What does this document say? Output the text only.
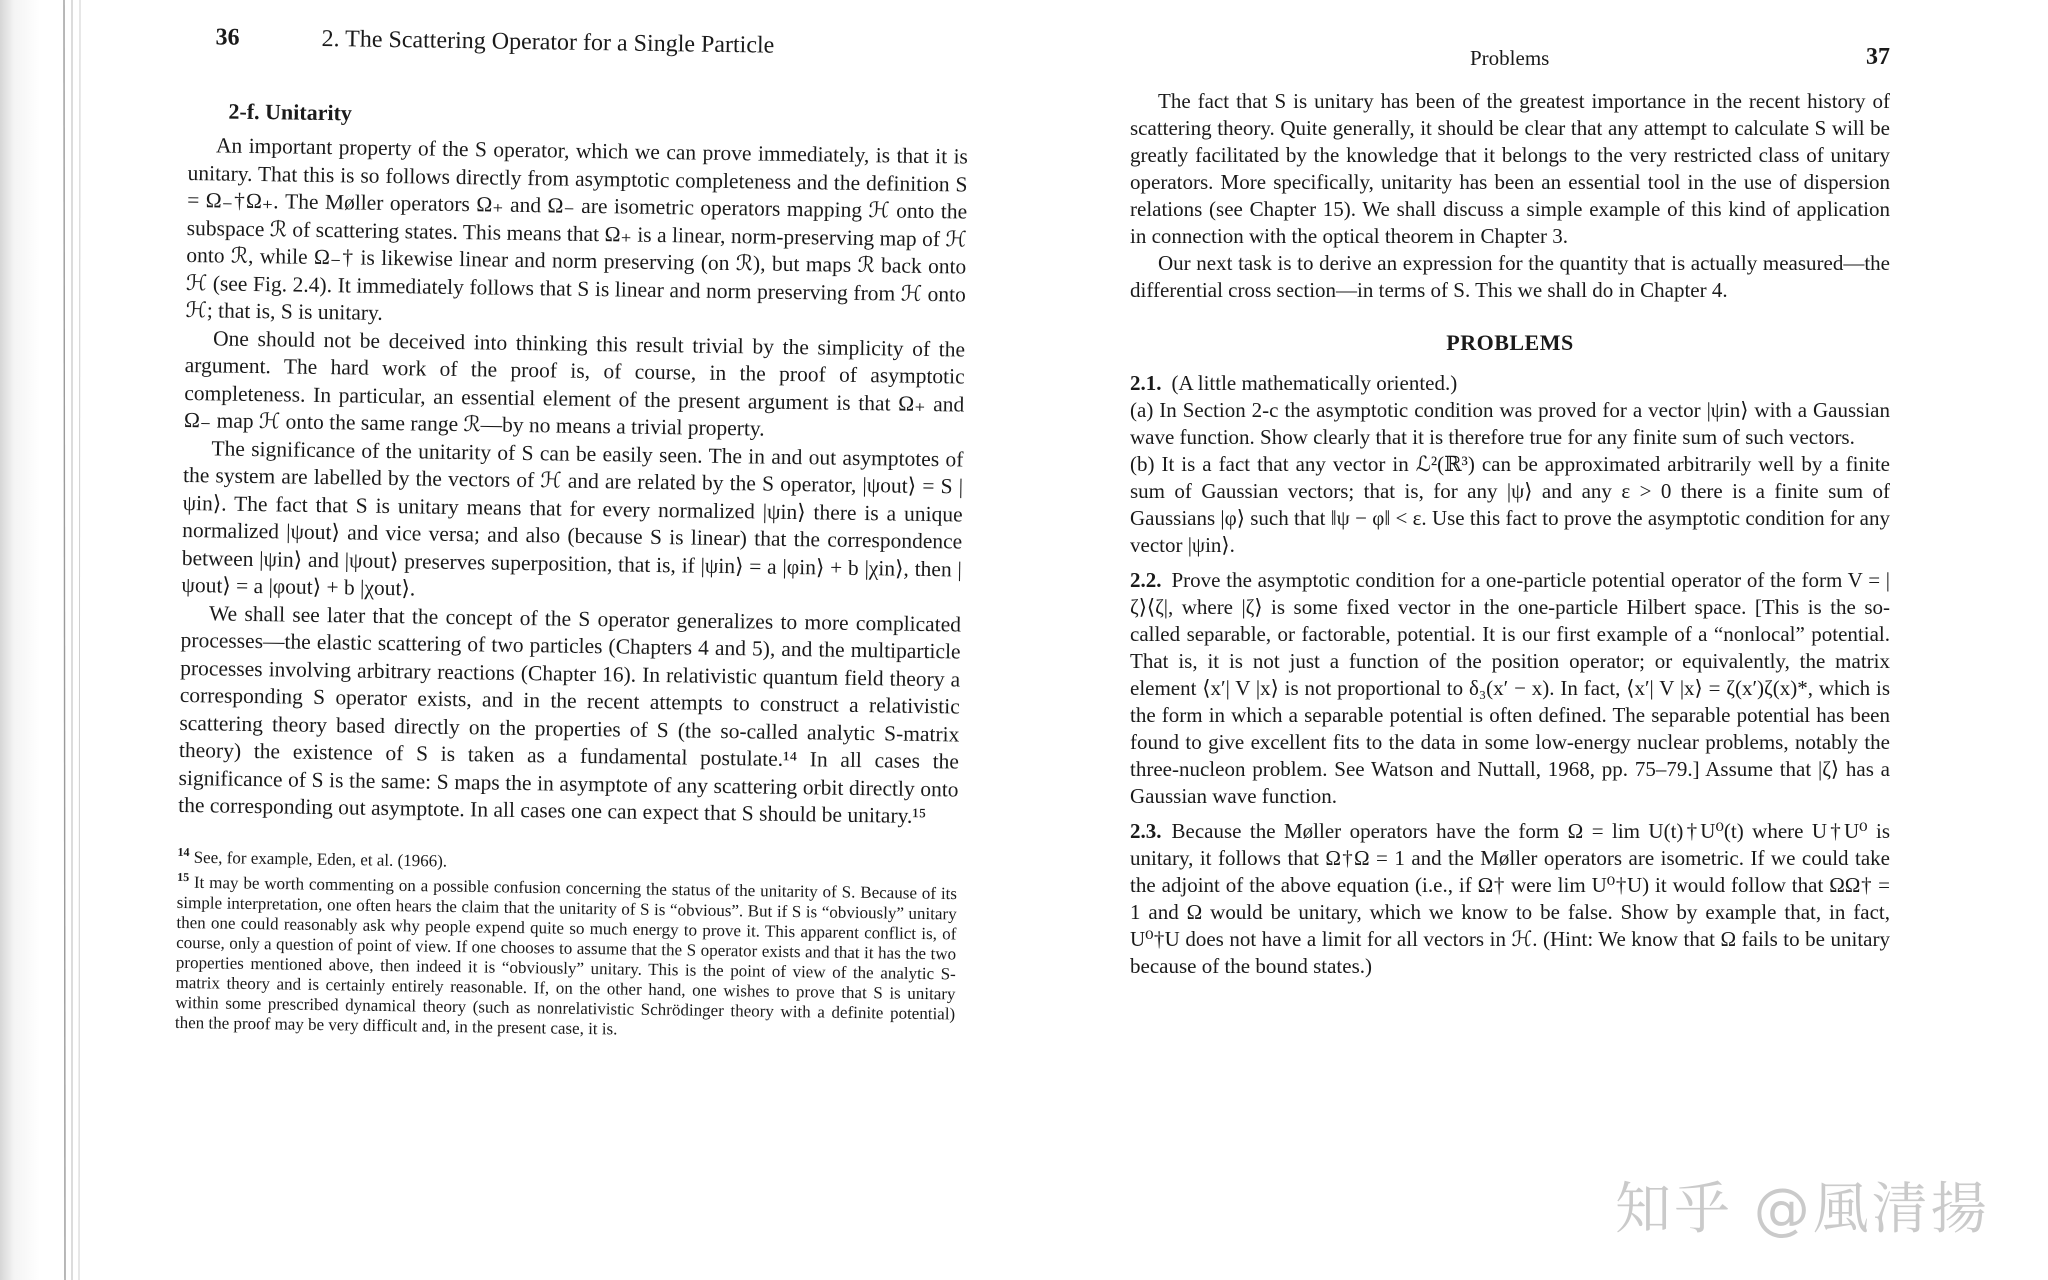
36	2. The Scattering Operator for a Single Particle
2-f. Unitarity

An important property of the S operator, which we can prove immediately, is that it is unitary. That this is so follows directly from asymptotic completeness and the definition S = Ω₋†Ω₊. The Møller operators Ω₊ and Ω₋ are isometric operators mapping ℋ onto the subspace ℛ of scattering states. This means that Ω₊ is a linear, norm-preserving map of ℋ onto ℛ, while Ω₋† is likewise linear and norm preserving (on ℛ), but maps ℛ back onto ℋ (see Fig. 2.4). It immediately follows that S is linear and norm preserving from ℋ onto ℋ; that is, S is unitary.

One should not be deceived into thinking this result trivial by the simplicity of the argument. The hard work of the proof is, of course, in the proof of asymptotic completeness. In particular, an essential element of the present argument is that Ω₊ and Ω₋ map ℋ onto the same range ℛ—by no means a trivial property.

The significance of the unitarity of S can be easily seen. The in and out asymptotes of the system are labelled by the vectors of ℋ and are related by the S operator, |ψout⟩ = S |ψin⟩. The fact that S is unitary means that for every normalized |ψin⟩ there is a unique normalized |ψout⟩ and vice versa; and also (because S is linear) that the correspondence between |ψin⟩ and |ψout⟩ preserves superposition, that is, if |ψin⟩ = a |φin⟩ + b |χin⟩, then |ψout⟩ = a |φout⟩ + b |χout⟩.

We shall see later that the concept of the S operator generalizes to more complicated processes—the elastic scattering of two particles (Chapters 4 and 5), and the multiparticle processes involving arbitrary reactions (Chapter 16). In relativistic quantum field theory a corresponding S operator exists, and in the recent attempts to construct a relativistic scattering theory based directly on the properties of S (the so-called analytic S-matrix theory) the existence of S is taken as a fundamental postulate.¹⁴ In all cases the significance of S is the same: S maps the in asymptote of any scattering orbit directly onto the corresponding out asymptote. In all cases one can expect that S should be unitary.¹⁵

$^{14}$ See, for example, Eden, et al. (1966).

$^{15}$ It may be worth commenting on a possible confusion concerning the status of the unitarity of S. Because of its simple interpretation, one often hears the claim that the unitarity of S is “obvious”. But if S is “obviously” unitary then one could reasonably ask why people expend quite so much energy to prove it. This apparent conflict is, of course, only a question of point of view. If one chooses to assume that the S operator exists and that it has the two properties mentioned above, then indeed it is “obviously” unitary. This is the point of view of the analytic S-matrix theory and is certainly entirely reasonable. If, on the other hand, one wishes to prove that S is unitary within some prescribed dynamical theory (such as nonrelativistic Schrödinger theory with a definite potential) then the proof may be very difficult and, in the present case, it is.

Problems	37

The fact that S is unitary has been of the greatest importance in the recent history of scattering theory. Quite generally, it should be clear that any attempt to calculate S will be greatly facilitated by the knowledge that it belongs to the very restricted class of unitary operators. More specifically, unitarity has been an essential tool in the use of dispersion relations (see Chapter 15). We shall discuss a simple example of this kind of application in connection with the optical theorem in Chapter 3.

Our next task is to derive an expression for the quantity that is actually measured—the differential cross section—in terms of S. This we shall do in Chapter 4.

PROBLEMS

2.1. (A little mathematically oriented.)
(a) In Section 2-c the asymptotic condition was proved for a vector |ψin⟩ with a Gaussian wave function. Show clearly that it is therefore true for any finite sum of such vectors.
(b) It is a fact that any vector in ℒ²(ℝ³) can be approximated arbitrarily well by a finite sum of Gaussian vectors; that is, for any |ψ⟩ and any ε > 0 there is a finite sum of Gaussians |φ⟩ such that ‖ψ − φ‖ < ε. Use this fact to prove the asymptotic condition for any vector |ψin⟩.

2.2. Prove the asymptotic condition for a one-particle potential operator of the form V = |ζ⟩⟨ζ|, where |ζ⟩ is some fixed vector in the one-particle Hilbert space. [This is the so-called separable, or factorable, potential. It is our first example of a “nonlocal” potential. That is, it is not just a function of the position operator; or equivalently, the matrix element ⟨x′| V |x⟩ is not proportional to δ₃(x′ − x). In fact, ⟨x′| V |x⟩ = ζ(x′)ζ(x)*, which is the form in which a separable potential is often defined. The separable potential has been found to give excellent fits to the data in some low-energy nuclear problems, notably the three-nucleon problem. See Watson and Nuttall, 1968, pp. 75–79.] Assume that |ζ⟩ has a Gaussian wave function.

2.3. Because the Møller operators have the form Ω = lim U(t)†U⁰(t) where U†U⁰ is unitary, it follows that Ω†Ω = 1 and the Møller operators are isometric. If we could take the adjoint of the above equation (i.e., if Ω† were lim U⁰†U) it would follow that ΩΩ† = 1 and Ω would be unitary, which we know to be false. Show by example that, in fact, U⁰†U does not have a limit for all vectors in ℋ. (Hint: We know that Ω fails to be unitary because of the bound states.)

知乎 @風清揚
